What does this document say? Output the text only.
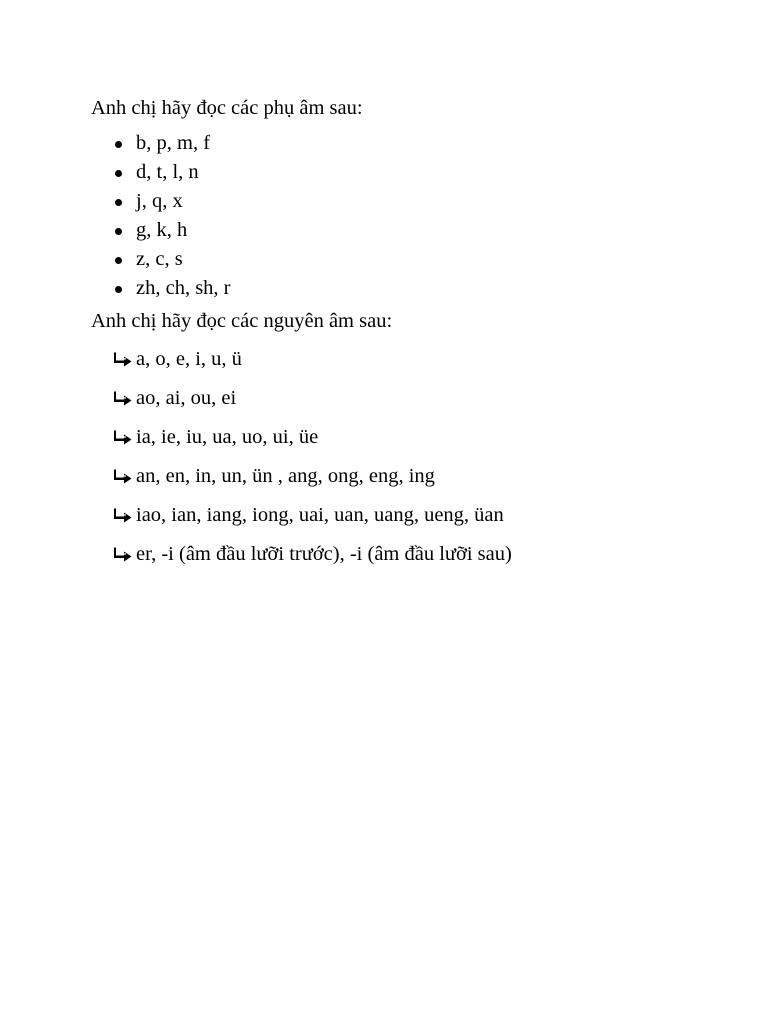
Anh chị hãy đọc các phụ âm sau:

b, p, m, f
d, t, l, n
j, q, x
g, k, h
z, c, s
zh, ch, sh, r

Anh chị hãy đọc các nguyên âm sau:

a, o, e, i, u, ü
ao, ai, ou, ei
ia, ie, iu, ua, uo, ui, üe
an, en, in, un, ün , ang, ong, eng, ing
iao, ian, iang, iong, uai, uan, uang, ueng, üan
er, -i (âm đầu lưỡi trước), -i (âm đầu lưỡi sau)
